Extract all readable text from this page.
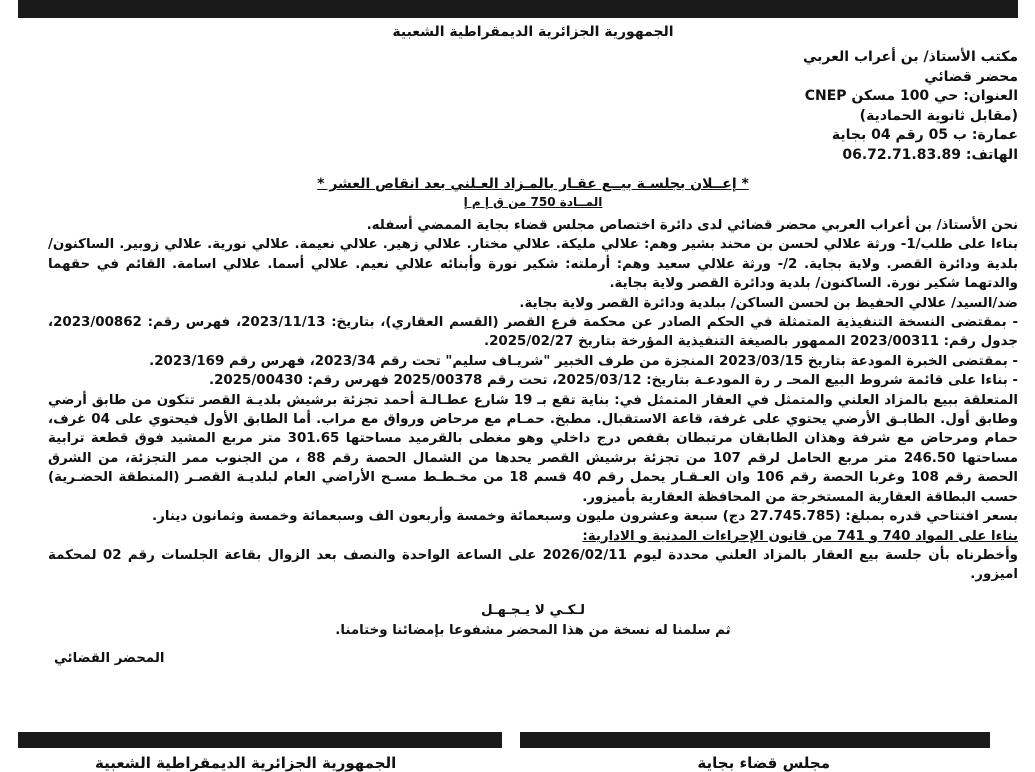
الجمهورية الجزائرية الديمقراطية الشعبية
مكتب الأستاذ/ بن أعراب العربي
محضر قضائي
العنوان: حي 100 مسكن CNEP
(مقابل ثانوية الحمادية)
عمارة: ب 05 رقم 04 بجاية
الهاتف: 06.72.71.83.89
* إعــلان بجلسـة بيــع عقـار بالمـزاد العـلني بعد انقاص العشر *
المــادة 750 من ق إ م إ

نحن الأستاذ/ بن أعراب العربي محضر قضائي لدى دائرة اختصاص مجلس قضاء بجاية الممضي أسفله.

بناءا على طلب/1- ورثة علالي لحسن بن محند بشير وهم: علالي مليكة. علالي مختار. علالي زهير. علالي نعيمة. علالي نورية. علالي زوبير. الساكنون/ بلدية ودائرة القصر. ولاية بجاية. 2/- ورثة علالي سعيد وهم: أرملته: شكير نورة وأبنائه علالي نعيم. علالي أسما. علالي اسامة. القائم في حقهما والدتهما شكير نورة. الساكنون/ بلدية ودائرة القصر ولاية بجاية.

ضد/السيد/ علالي الحفيظ بن لحسن الساكن/ ببلدية ودائرة القصر ولاية بجاية.

- بمقتضى النسخة التنفيذية المتمثلة في الحكم الصادر عن محكمة فرع القصر (القسم العقاري)، بتاريخ: 2023/11/13، فهرس رقم: 2023/00862، جدول رقم: 2023/00311 الممهور بالصيغة التنفيذية المؤرخة بتاريخ 2025/02/27.

- بمقتضى الخبرة المودعة بتاريخ 2023/03/15 المنجزة من طرف الخبير "شريـاف سليم" تحت رقم 2023/34، فهرس رقم 2023/169.

- بناءا على قائمة شروط البيع المحـ ر رة المودعـة بتاريخ: 2025/03/12، تحت رقم 2025/00378 فهرس رقم: 2025/00430.

المتعلقة ببيع بالمزاد العلني والمتمثل في العقار المتمثل في: بناية تقع بـ 19 شارع عطـالـة أحمد تجزئة برشيش بلديـة القصر تتكون من طابق أرضي وطابق أول. الطابـق الأرضي يحتوي على غرفة، قاعة الاستقبال. مطبخ. حمـام مع مرحاض ورواق مع مراب. أما الطابق الأول فيحتوي على 04 غرف، حمام ومرحاض مع شرفة وهذان الطابقان مرتبطان بقفص درج داخلي وهو مغطى بالقرميد مساحتها 301.65 متر مربع المشيد فوق قطعة ترابية مساحتها 246.50 متر مربع الحامل لرقم 107 من تجزئة برشيش القصر يحدها من الشمال الحصة رقم 88 ، من الجنوب ممر التجزئة، من الشرق الحصة رقم 108 وغربا الحصة رقم 106 وان العـقـار يحمل رقم 40 قسم 18 من مخـطـط مسـح الأراضي العام لبلديـة القصـر (المنطقة الحضـرية) حسب البطاقة العقارية المستخرجة من المحافظة العقارية بأميزور.

بسعر افتتاحي قدره بمبلغ: (27.745.785 دج) سبعة وعشرون مليون وسبعمائة وخمسة وأربعون الف وسبعمائة وخمسة وثمانون دينار.

بناءا على المواد 740 و 741 من قانون الإجراءات المدنية و الادارية:

وأخطرناه بأن جلسة بيع العقار بالمزاد العلني محددة ليوم 2026/02/11 على الساعة الواحدة والنصف بعد الزوال بقاعة الجلسات رقم 02 لمحكمة اميزور.

لـكـي لا يـجـهـل
ثم سلمنا له نسخة من هذا المحضر مشفوعا بإمضائنا وختامنا.
المحضر القضائي
الجمهورية الجزائرية الديمقراطية الشعبية	مجلس قضاء بجاية
